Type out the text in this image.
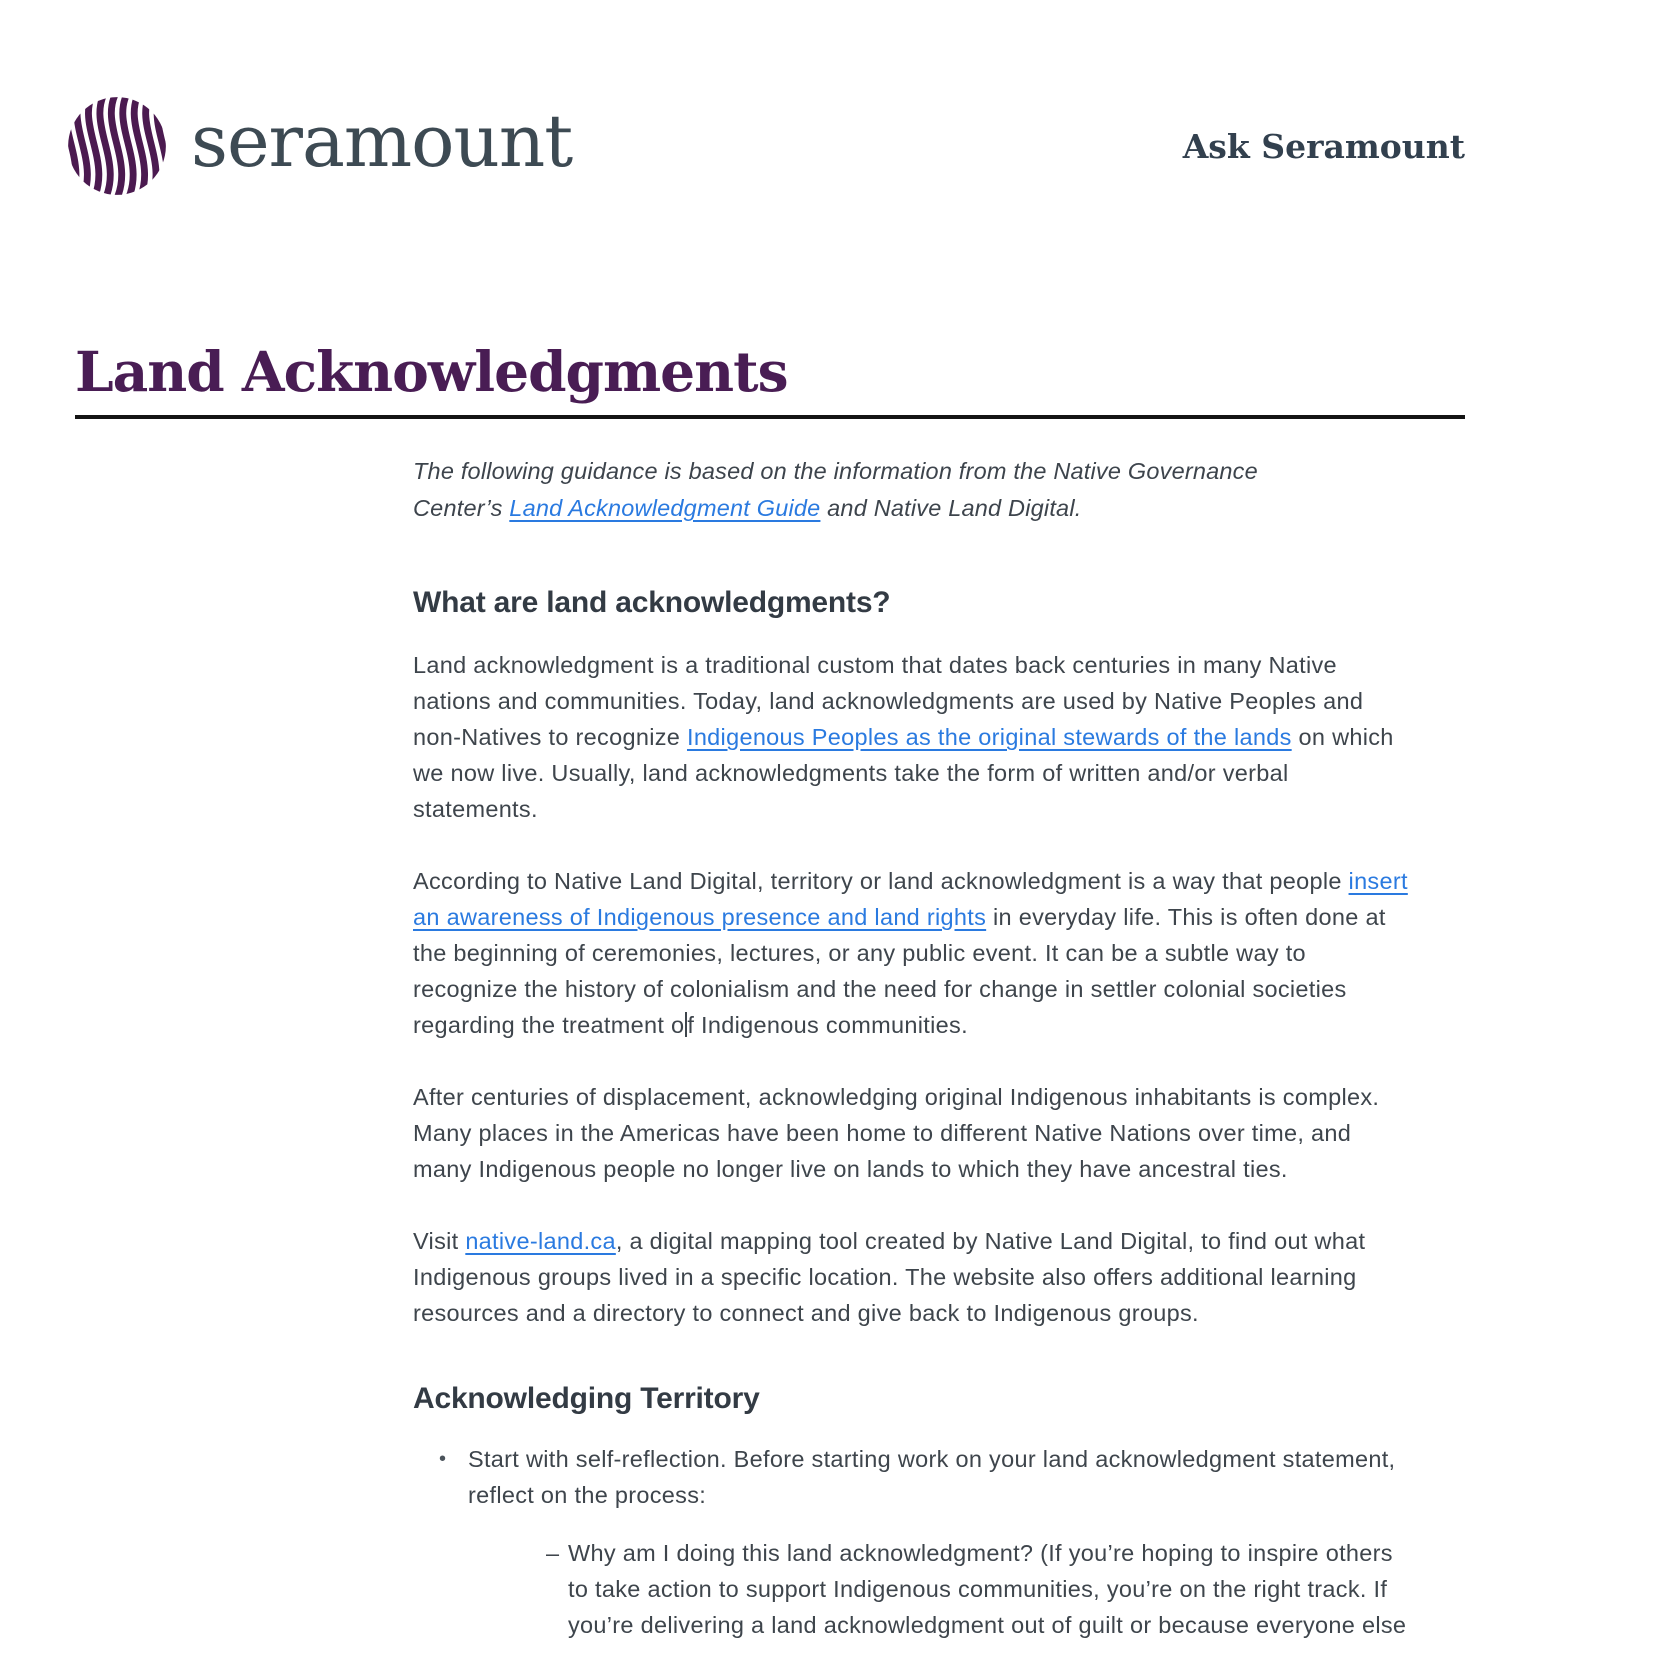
seramount	Ask Seramount
Land Acknowledgments

The following guidance is based on the information from the Native Governance Center’s Land Acknowledgment Guide and Native Land Digital.

What are land acknowledgments?

Land acknowledgment is a traditional custom that dates back centuries in many Native nations and communities. Today, land acknowledgments are used by Native Peoples and non-Natives to recognize Indigenous Peoples as the original stewards of the lands on which we now live. Usually, land acknowledgments take the form of written and/or verbal statements.

According to Native Land Digital, territory or land acknowledgment is a way that people insert an awareness of Indigenous presence and land rights in everyday life. This is often done at the beginning of ceremonies, lectures, or any public event. It can be a subtle way to recognize the history of colonialism and the need for change in settler colonial societies regarding the treatment o f Indigenous communities.

After centuries of displacement, acknowledging original Indigenous inhabitants is complex. Many places in the Americas have been home to different Native Nations over time, and many Indigenous people no longer live on lands to which they have ancestral ties.

Visit native-land.ca, a digital mapping tool created by Native Land Digital, to find out what Indigenous groups lived in a specific location. The website also offers additional learning resources and a directory to connect and give back to Indigenous groups.

Acknowledging Territory
• Start with self-reflection. Before starting work on your land acknowledgment statement, reflect on the process:
– Why am I doing this land acknowledgment? (If you’re hoping to inspire others to take action to support Indigenous communities, you’re on the right track. If you’re delivering a land acknowledgment out of guilt or because everyone else
